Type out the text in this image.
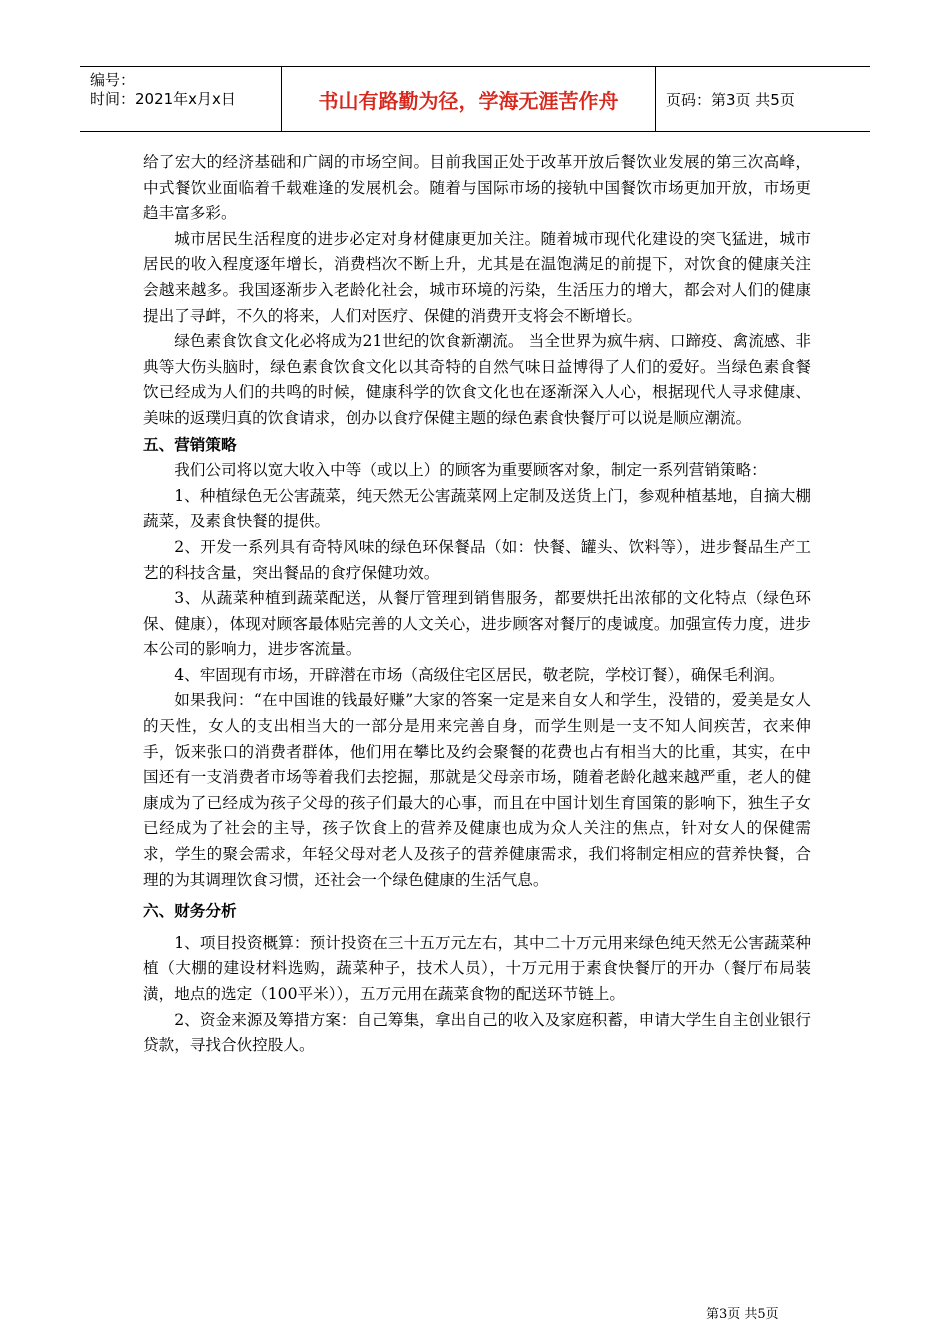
编号：
时间：2021年x月x日	书山有路勤为径，学海无涯苦作舟	页码：第3页 共5页

给了宏大的经济基础和广阔的市场空间。目前我国正处于改革开放后餐饮业发展的第三次高峰，中式餐饮业面临着千载难逢的发展机会。随着与国际市场的接轨中国餐饮市场更加开放，市场更趋丰富多彩。

城市居民生活程度的进步必定对身材健康更加关注。随着城市现代化建设的突飞猛进，城市居民的收入程度逐年增长，消费档次不断上升，尤其是在温饱满足的前提下，对饮食的健康关注会越来越多。我国逐渐步入老龄化社会，城市环境的污染，生活压力的增大，都会对人们的健康提出了寻衅，不久的将来，人们对医疗、保健的消费开支将会不断增长。

绿色素食饮食文化必将成为21世纪的饮食新潮流。 当全世界为疯牛病、口蹄疫、禽流感、非典等大伤头脑时，绿色素食饮食文化以其奇特的自然气味日益博得了人们的爱好。当绿色素食餐饮已经成为人们的共鸣的时候，健康科学的饮食文化也在逐渐深入人心，根据现代人寻求健康、美味的返璞归真的饮食请求，创办以食疗保健主题的绿色素食快餐厅可以说是顺应潮流。

五、营销策略

我们公司将以宽大收入中等（或以上）的顾客为重要顾客对象，制定一系列营销策略：

1、种植绿色无公害蔬菜，纯天然无公害蔬菜网上定制及送货上门，参观种植基地，自摘大棚蔬菜，及素食快餐的提供。

2、开发一系列具有奇特风味的绿色环保餐品（如：快餐、罐头、饮料等），进步餐品生产工艺的科技含量，突出餐品的食疗保健功效。

3、从蔬菜种植到蔬菜配送，从餐厅管理到销售服务，都要烘托出浓郁的文化特点（绿色环保、健康），体现对顾客最体贴完善的人文关心，进步顾客对餐厅的虔诚度。加强宣传力度，进步本公司的影响力，进步客流量。

4、牢固现有市场，开辟潜在市场（高级住宅区居民，敬老院，学校订餐），确保毛利润。

如果我问：“在中国谁的钱最好赚”大家的答案一定是来自女人和学生，没错的，爱美是女人的天性，女人的支出相当大的一部分是用来完善自身，而学生则是一支不知人间疾苦，衣来伸手，饭来张口的消费者群体，他们用在攀比及约会聚餐的花费也占有相当大的比重，其实，在中国还有一支消费者市场等着我们去挖掘，那就是父母亲市场，随着老龄化越来越严重，老人的健康成为了已经成为孩子父母的孩子们最大的心事，而且在中国计划生育国策的影响下，独生子女已经成为了社会的主导，孩子饮食上的营养及健康也成为众人关注的焦点，针对女人的保健需求，学生的聚会需求，年轻父母对老人及孩子的营养健康需求，我们将制定相应的营养快餐，合理的为其调理饮食习惯，还社会一个绿色健康的生活气息。

六、财务分析

1、项目投资概算：预计投资在三十五万元左右，其中二十万元用来绿色纯天然无公害蔬菜种植（大棚的建设材料选购，蔬菜种子，技术人员），十万元用于素食快餐厅的开办（餐厅布局装潢，地点的选定（100平米）），五万元用在蔬菜食物的配送环节链上。

2、资金来源及筹措方案：自己筹集，拿出自己的收入及家庭积蓄，申请大学生自主创业银行贷款，寻找合伙控股人。

第3页 共5页
